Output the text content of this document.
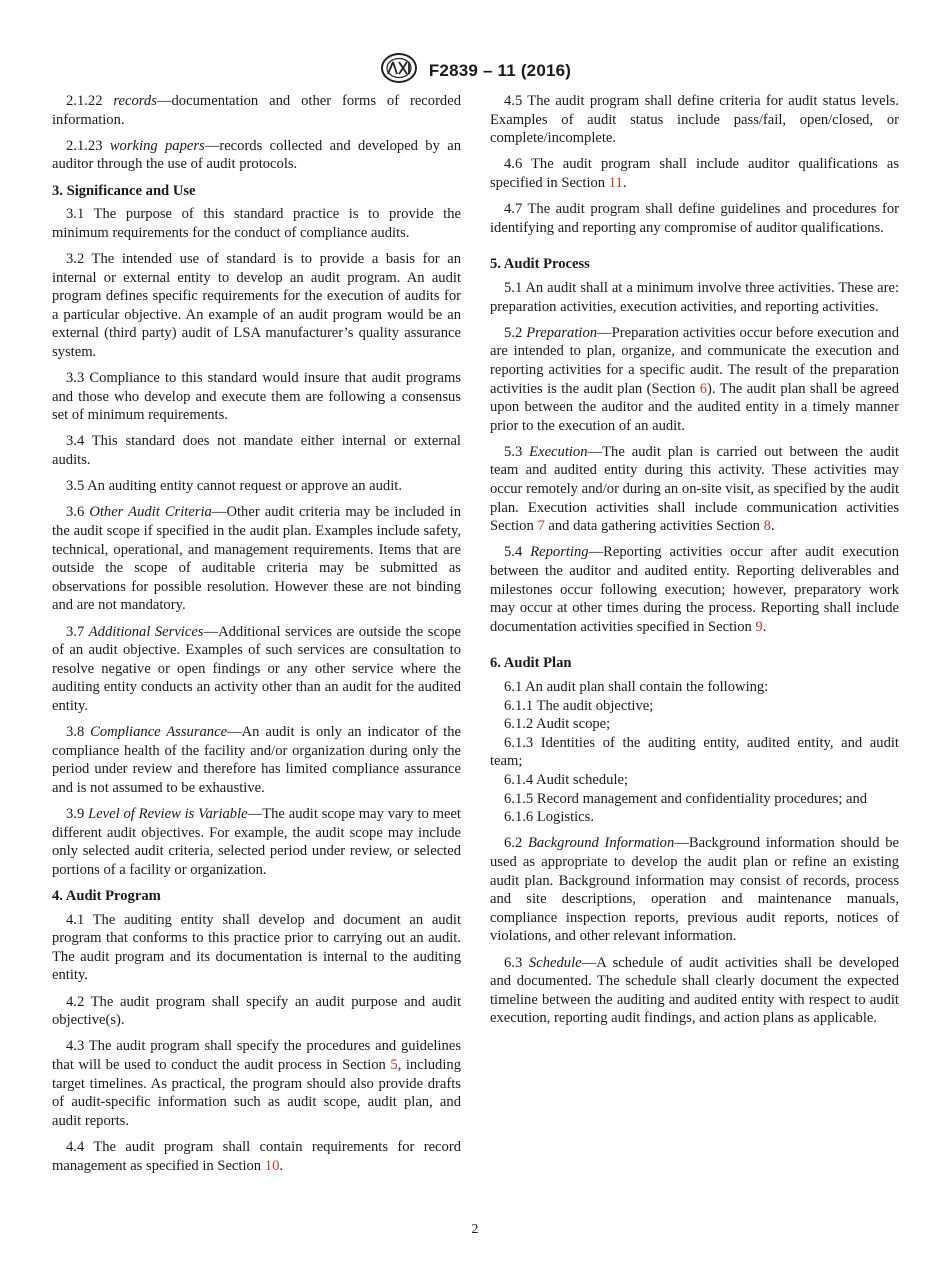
F2839 – 11 (2016)

2.1.22 records—documentation and other forms of recorded information.

2.1.23 working papers—records collected and developed by an auditor through the use of audit protocols.

3. Significance and Use

3.1 The purpose of this standard practice is to provide the minimum requirements for the conduct of compliance audits.

3.2 The intended use of standard is to provide a basis for an internal or external entity to develop an audit program. An audit program defines specific requirements for the execution of audits for a particular objective. An example of an audit program would be an external (third party) audit of LSA manufacturer’s quality assurance system.

3.3 Compliance to this standard would insure that audit programs and those who develop and execute them are following a consensus set of minimum requirements.

3.4 This standard does not mandate either internal or external audits.

3.5 An auditing entity cannot request or approve an audit.

3.6 Other Audit Criteria—Other audit criteria may be included in the audit scope if specified in the audit plan. Examples include safety, technical, operational, and management requirements. Items that are outside the scope of auditable criteria may be submitted as observations for possible resolution. However these are not binding and are not mandatory.

3.7 Additional Services—Additional services are outside the scope of an audit objective. Examples of such services are consultation to resolve negative or open findings or any other service where the auditing entity conducts an activity other than an audit for the audited entity.

3.8 Compliance Assurance—An audit is only an indicator of the compliance health of the facility and/or organization during only the period under review and therefore has limited compliance assurance and is not assumed to be exhaustive.

3.9 Level of Review is Variable—The audit scope may vary to meet different audit objectives. For example, the audit scope may include only selected audit criteria, selected period under review, or selected portions of a facility or organization.

4. Audit Program

4.1 The auditing entity shall develop and document an audit program that conforms to this practice prior to carrying out an audit. The audit program and its documentation is internal to the auditing entity.

4.2 The audit program shall specify an audit purpose and audit objective(s).

4.3 The audit program shall specify the procedures and guidelines that will be used to conduct the audit process in Section 5, including target timelines. As practical, the program should also provide drafts of audit-specific information such as audit scope, audit plan, and audit reports.

4.4 The audit program shall contain requirements for record management as specified in Section 10.

4.5 The audit program shall define criteria for audit status levels. Examples of audit status include pass/fail, open/closed, or complete/incomplete.

4.6 The audit program shall include auditor qualifications as specified in Section 11.

4.7 The audit program shall define guidelines and procedures for identifying and reporting any compromise of auditor qualifications.

5. Audit Process

5.1 An audit shall at a minimum involve three activities. These are: preparation activities, execution activities, and reporting activities.

5.2 Preparation—Preparation activities occur before execution and are intended to plan, organize, and communicate the execution and reporting activities for a specific audit. The result of the preparation activities is the audit plan (Section 6). The audit plan shall be agreed upon between the auditor and the audited entity in a timely manner prior to the execution of an audit.

5.3 Execution—The audit plan is carried out between the audit team and audited entity during this activity. These activities may occur remotely and/or during an on-site visit, as specified by the audit plan. Execution activities shall include communication activities Section 7 and data gathering activities Section 8.

5.4 Reporting—Reporting activities occur after audit execution between the auditor and audited entity. Reporting deliverables and milestones occur following execution; however, preparatory work may occur at other times during the process. Reporting shall include documentation activities specified in Section 9.

6. Audit Plan

6.1 An audit plan shall contain the following:

6.1.1 The audit objective;

6.1.2 Audit scope;

6.1.3 Identities of the auditing entity, audited entity, and audit team;

6.1.4 Audit schedule;

6.1.5 Record management and confidentiality procedures; and

6.1.6 Logistics.

6.2 Background Information—Background information should be used as appropriate to develop the audit plan or refine an existing audit plan. Background information may consist of records, process and site descriptions, operation and maintenance manuals, compliance inspection reports, previous audit reports, notices of violations, and other relevant information.

6.3 Schedule—A schedule of audit activities shall be developed and documented. The schedule shall clearly document the expected timeline between the auditing and audited entity with respect to audit execution, reporting audit findings, and action plans as applicable.

2
